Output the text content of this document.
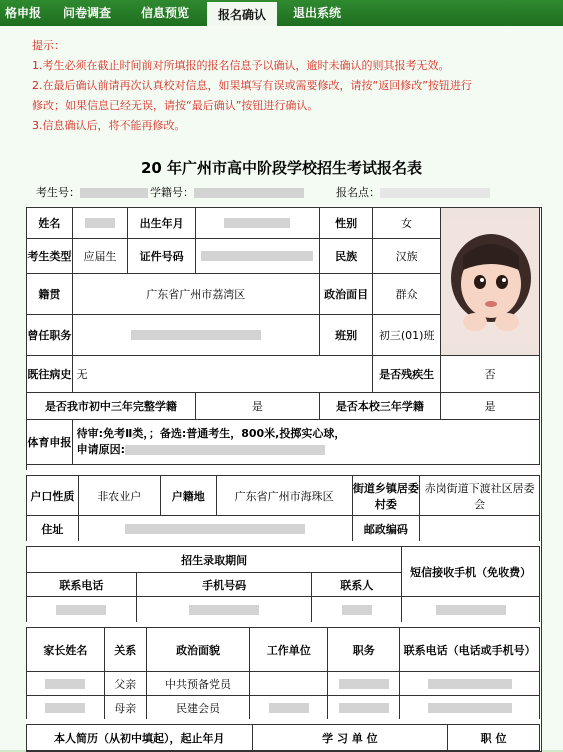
格申报	问卷调查	信息预览	报名确认	退出系统
提示：
1.考生必须在截止时间前对所填报的报名信息予以确认，逾时未确认的则其报考无效。
2.在最后确认前请再次认真校对信息，如果填写有误或需要修改，请按“返回修改”按钮进行
修改；如果信息已经无误，请按“最后确认”按钮进行确认。
3.信息确认后，将不能再修改。
20 年广州市高中阶段学校招生考试报名表
考生号：	学籍号：	报名点：
姓名		出生年月		性别	女	

考生类型	应届生	证件号码		民族	汉族	
籍贯	广东省广州市荔湾区			政治面目	群众	
曾任职务				班别	初三(01)班	
既往病史	无				是否残疾生	否
是否我市初中三年完整学籍			是	是否本校三年学籍		是
体育申报	待审:免考Ⅱ类，；备选:普通考生，800米,投掷实心球，
申请原因:					
户口性质	非农业户	户籍地	广东省广州市海珠区	街道乡镇居委村委	赤岗街道下渡社区居委会
住址				邮政编码	
招生录取期间			短信接收手机（免收费）
联系电话	手机号码	联系人	

家长姓名	关系	政治面貌	工作单位	职务	联系电话（电话或手机号）
	父亲	中共预备党员			
	母亲	民建会员			
本人简历（从初中填起），起止年月	学 习 单 位	职 位
